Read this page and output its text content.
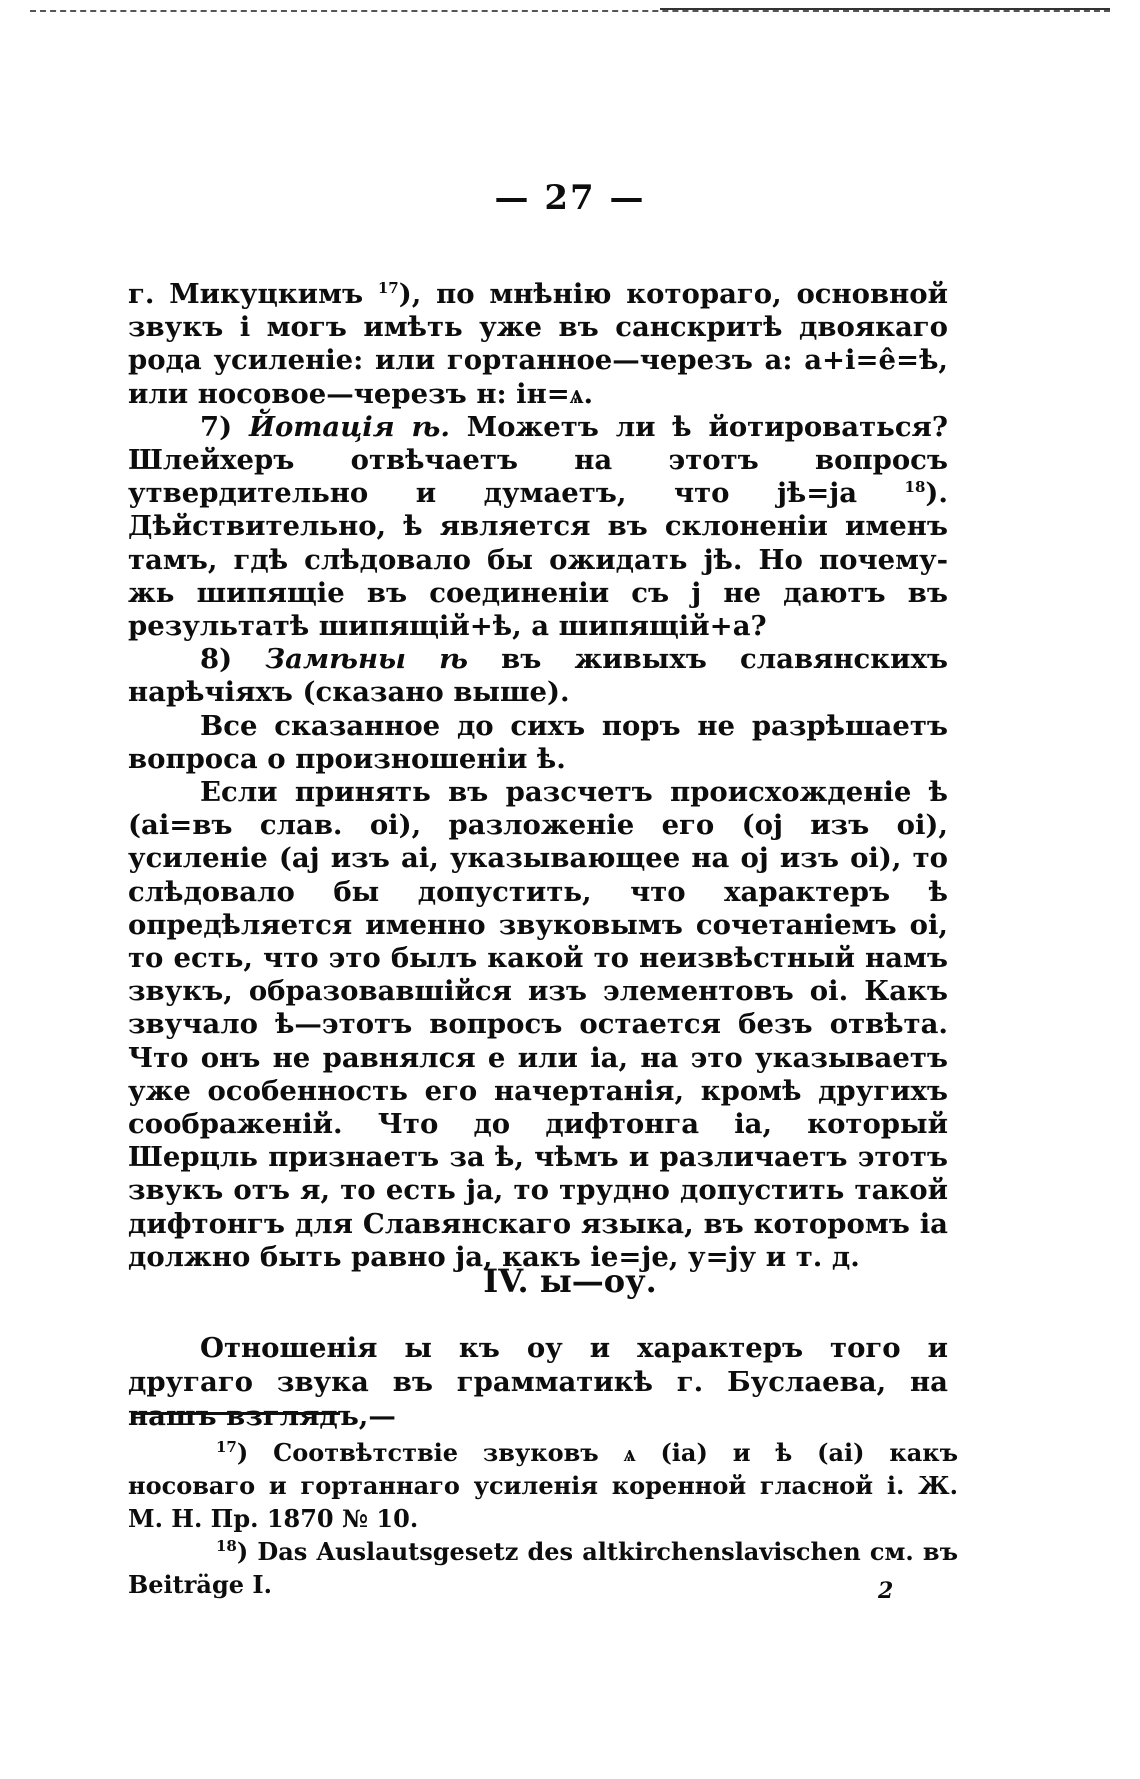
— 27 —

г. Микуцкимъ $^{17}$), по мнѣнію котораго, основной звукъ і могъ имѣть уже въ санскритѣ двоякаго рода усиленіе: или гортанное—черезъ а: а+і=ê=ѣ, или носовое—черезъ н: ін=ѧ.

7) Йотація ѣ. Можетъ ли ѣ йотироваться? Шлейхеръ отвѣчаетъ на этотъ вопросъ утвердительно и думаетъ, что jѣ=ja	$^{18}$). Дѣйствительно, ѣ является въ склоненіи именъ тамъ, гдѣ слѣдовало бы ожидать jѣ. Но почему-жь шипящіе въ соединеніи съ j не даютъ въ результатѣ шипящій+ѣ, а шипящій+а?

8) Замѣны ѣ въ живыхъ славянскихъ нарѣчіяхъ (сказано выше).

Все сказанное до сихъ поръ не разрѣшаетъ вопроса о произношеніи ѣ.

Если принять въ разсчетъ происхожденіе ѣ (аі=въ слав. оі), разложеніе его (оj изъ оі), усиленіе (аj изъ аі, указывающее на оj изъ оі), то слѣдовало бы допустить, что характеръ ѣ опредѣляется именно звуковымъ сочетаніемъ оі, то есть, что это былъ какой то неизвѣстный намъ звукъ, образовавшійся изъ элементовъ оі. Какъ звучало ѣ—этотъ вопросъ остается безъ отвѣта. Что онъ не равнялся е или іа, на это указываетъ уже особенность его начертанія, кромѣ другихъ соображеній. Что до дифтонга іа, который Шерцль признаетъ за ѣ, чѣмъ и различаетъ этотъ звукъ отъ я, то есть jа, то трудно допустить такой дифтонгъ для Славянскаго языка, въ которомъ іа должно быть равно jа, какъ іе=jе, у=jу и т. д.

IV. ы—оу.

Отношенія ы къ оу и характеръ того и другаго звука въ грамматикѣ г. Буслаева, на нашъ взглядъ,—

$^{17}$) Соотвѣтствіе звуковъ ѧ (іа) и ѣ (аі) какъ носоваго и гортаннаго усиленія коренной гласной і. Ж. М. Н. Пр. 1870 № 10.

$^{18}$) Das Auslautsgesetz des altkirchenslavischen см. въ Beiträge I.	2
